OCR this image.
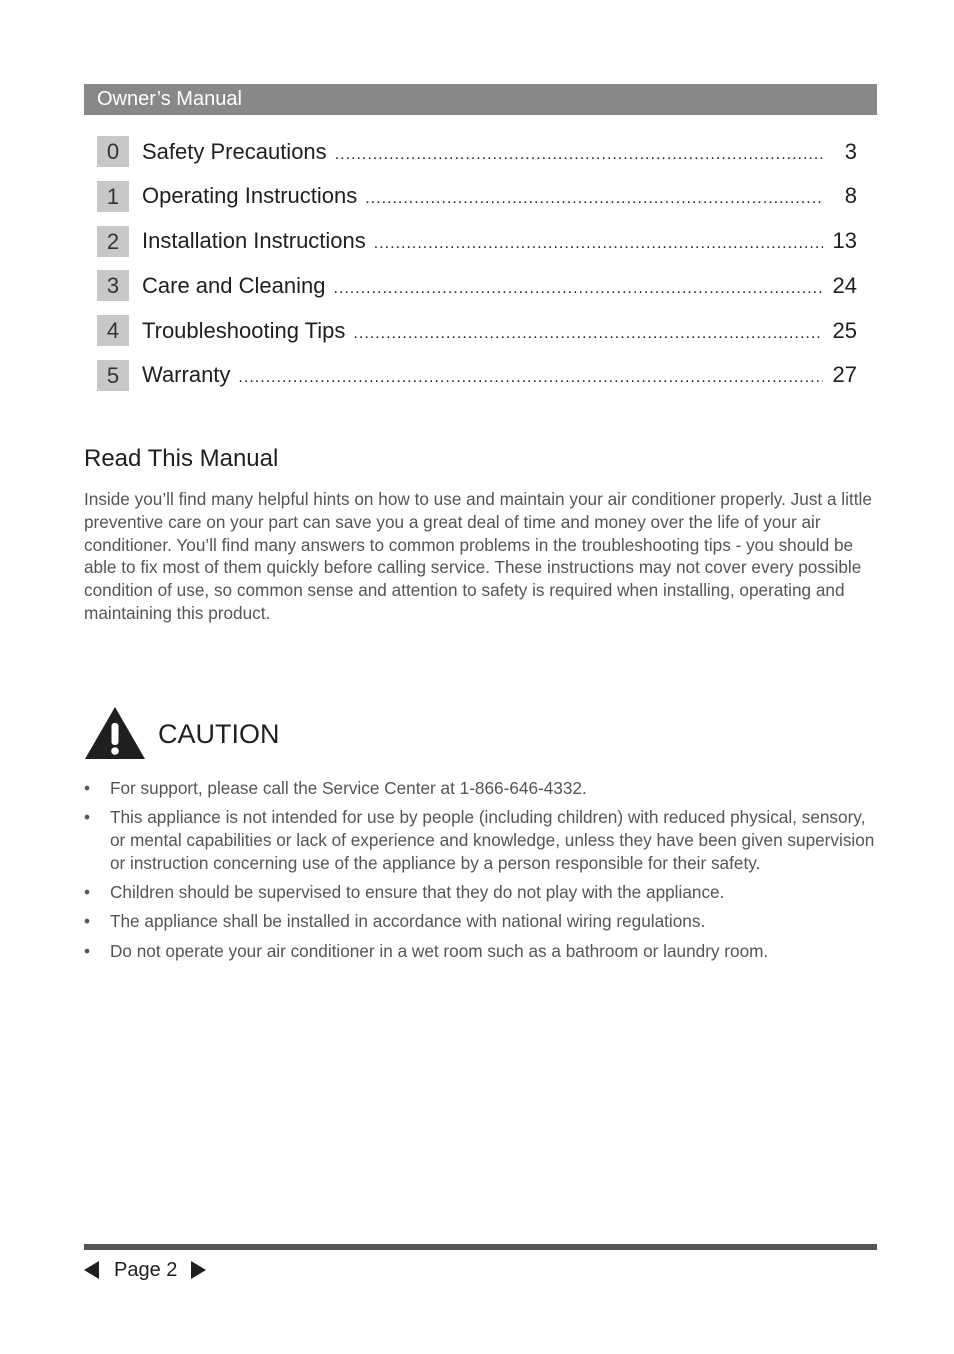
Owner’s Manual
0	Safety Precautions .....	3
1	Operating Instructions .....	8
2	Installation Instructions .....	13
3	Care and Cleaning .....	24
4	Troubleshooting Tips .....	25
5	Warranty .....	27
Read This Manual

Inside you’ll find many helpful hints on how to use and maintain your air conditioner properly. Just a little preventive care on your part can save you a great deal of time and money over the life of your air conditioner. You’ll find many answers to common problems in the troubleshooting tips - you should be able to fix most of them quickly before calling service. These instructions may not cover every possible condition of use, so common sense and attention to safety is required when installing, operating and maintaining this product.

CAUTION
• For support, please call the Service Center at 1-866-646-4332.
• This appliance is not intended for use by people (including children) with reduced physical, sensory, or mental capabilities or lack of experience and knowledge, unless they have been given supervision or instruction concerning use of the appliance by a person responsible for their safety.
• Children should be supervised to ensure that they do not play with the appliance.
• The appliance shall be installed in accordance with national wiring regulations.
• Do not operate your air conditioner in a wet room such as a bathroom or laundry room.
Page 2
